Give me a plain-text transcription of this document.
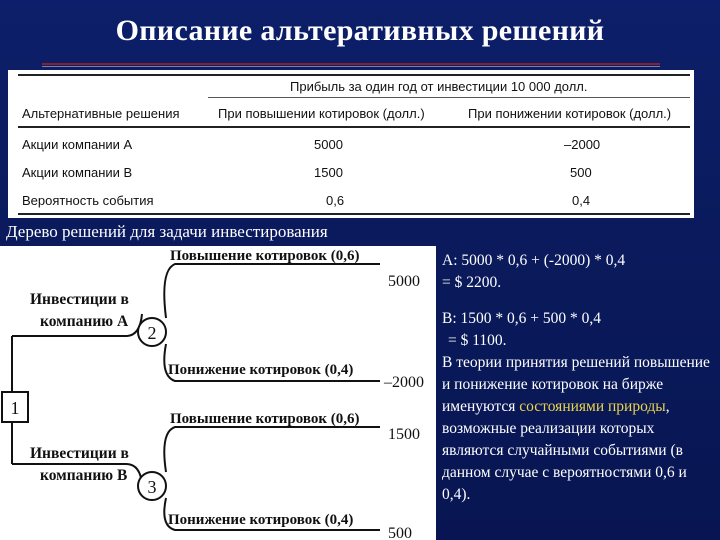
Описание альтеративных решений
Прибыль за один год от инвестиции 10 000 долл.
Альтернативные решения	При повышении котировок (долл.)	При понижении котировок (долл.)
Акции компании A	5000	–2000
Акции компании B	1500	500
Вероятность события	0,6	0,4
Дерево решений для задачи инвестирования
1
2
3
Инвестиции в
компанию A
Повышение котировок (0,6)
5000
Понижение котировок (0,4)
–2000
Инвестиции в
компанию B
Повышение котировок (0,6)
1500
Понижение котировок (0,4)
500

A: 5000 * 0,6 + (-2000) * 0,4

= $ 2200.

B: 1500 * 0,6 + 500 * 0,4

= $ 1100.

В теории принятия решений повышение и понижение котировок на бирже именуются состояниями природы, возможные реализации которых являются случайными событиями (в данном случае с вероятностями 0,6 и 0,4).
